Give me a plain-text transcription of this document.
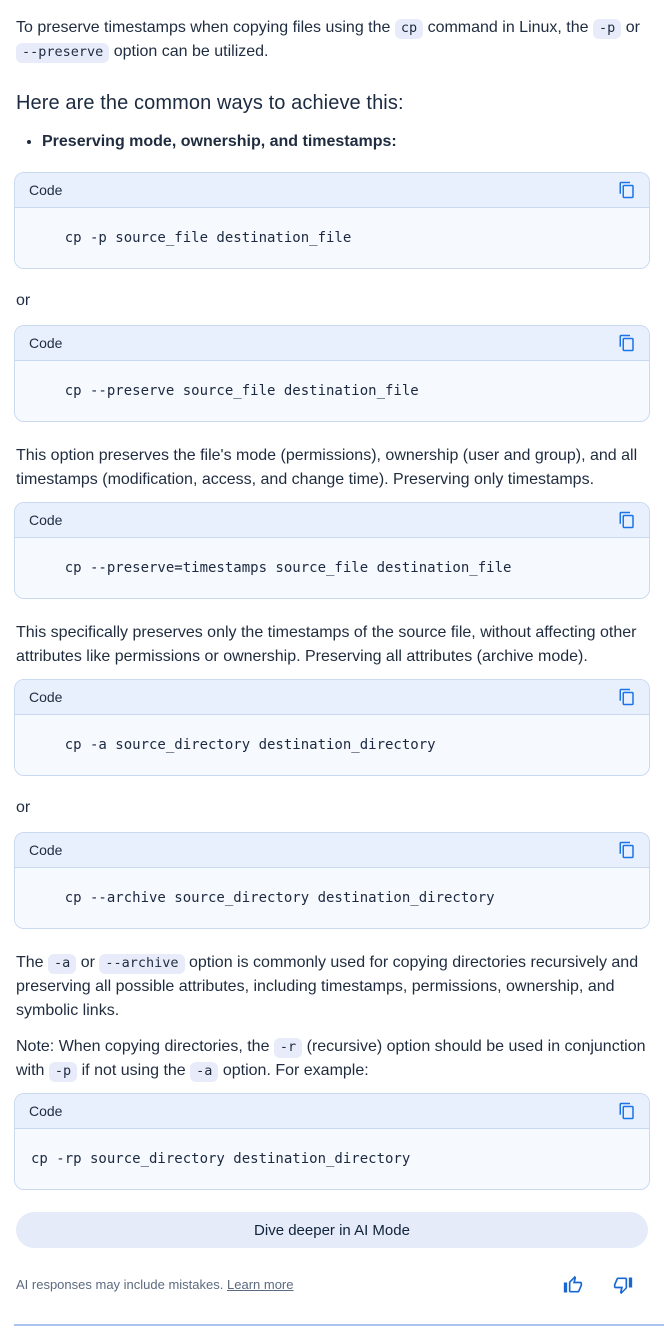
To preserve timestamps when copying files using the cp command in Linux, the -p or --preserve option can be utilized.

Here are the common ways to achieve this:
• Preserving mode, ownership, and timestamps:
Code
cp -p source_file destination_file

or

Code
cp --preserve source_file destination_file

This option preserves the file's mode (permissions), ownership (user and group), and all timestamps (modification, access, and change time). Preserving only timestamps.

Code
cp --preserve=timestamps source_file destination_file

This specifically preserves only the timestamps of the source file, without affecting other attributes like permissions or ownership. Preserving all attributes (archive mode).

Code
cp -a source_directory destination_directory

or

Code
cp --archive source_directory destination_directory

The -a or --archive option is commonly used for copying directories recursively and preserving all possible attributes, including timestamps, permissions, ownership, and symbolic links.

Note: When copying directories, the -r (recursive) option should be used in conjunction with -p if not using the -a option. For example:

Code
cp -rp source_directory destination_directory
Dive deeper in AI Mode
AI responses may include mistakes. Learn more
